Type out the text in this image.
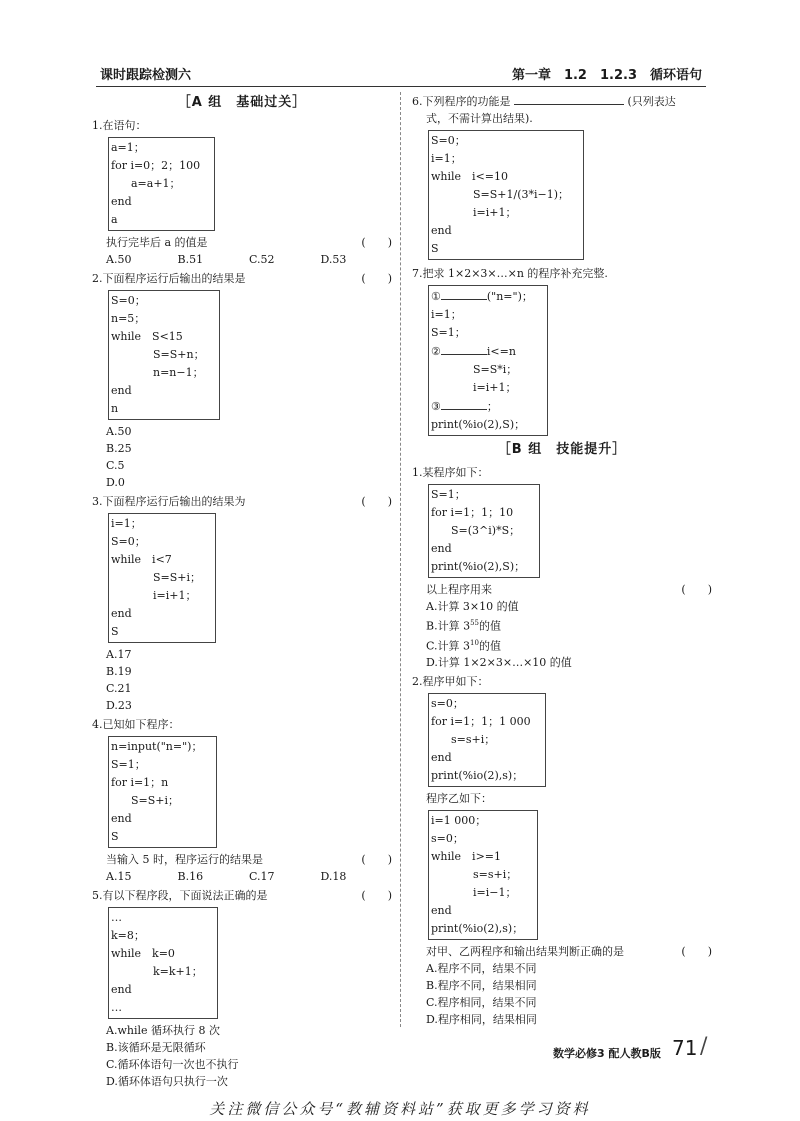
课时跟踪检测六	第一章　1.2　1.2.3　循环语句
［A 组　基础过关］
1.在语句：
a=1；
for i=0；2；100
a=a+1；
end
a
执行完毕后 a 的值是	(　　)
A.50	B.51	C.52	D.53
2.下面程序运行后输出的结果是	(　　)
S=0；
n=5；
while　S<15
S=S+n；
n=n−1；
end
n
A.50
B.25
C.5
D.0
3.下面程序运行后输出的结果为	(　　)
i=1；
S=0；
while　i<7
S=S+i；
i=i+1；
end
S
A.17
B.19
C.21
D.23
4.已知如下程序：
n=input("n=")；
S=1；
for i=1；n
S=S+i；
end
S
当输入 5 时，程序运行的结果是	(　　)
A.15	B.16	C.17	D.18
5.有以下程序段，下面说法正确的是	(　　)
…
k=8；
while　k=0
k=k+1；
end
…
A.while 循环执行 8 次
B.该循环是无限循环
C.循环体语句一次也不执行
D.循环体语句只执行一次
6.下列程序的功能是	(只列表达
式，不需计算出结果).
S=0；
i=1；
while　i<=10
S=S+1/(3*i−1)；
i=i+1；
end
S
7.把求 1×2×3×…×n 的程序补充完整.
①	("n=")；
i=1；
S=1；
②	i<=n
S=S*i；
i=i+1；
③	；
print(%io(2),S)；
［B 组　技能提升］
1.某程序如下：
S=1；
for i=1；1；10
S=(3^i)*S；
end
print(%io(2),S)；
以上程序用来	(　　)
A.计算 3×10 的值
B.计算 $3^{55}$的值
C.计算 $3^{10}$的值
D.计算 1×2×3×…×10 的值
2.程序甲如下：
s=0；
for i=1；1；1 000
s=s+i；
end
print(%io(2),s)；
程序乙如下：
i=1 000；
s=0；
while　i>=1
s=s+i；
i=i−1；
end
print(%io(2),s)；
对甲、乙两程序和输出结果判断正确的是	(　　)
A.程序不同，结果不同
B.程序不同，结果相同
C.程序相同，结果不同
D.程序相同，结果相同
数学必修3 配人教B版 71 /
关注微信公众号“教辅资料站”获取更多学习资料
